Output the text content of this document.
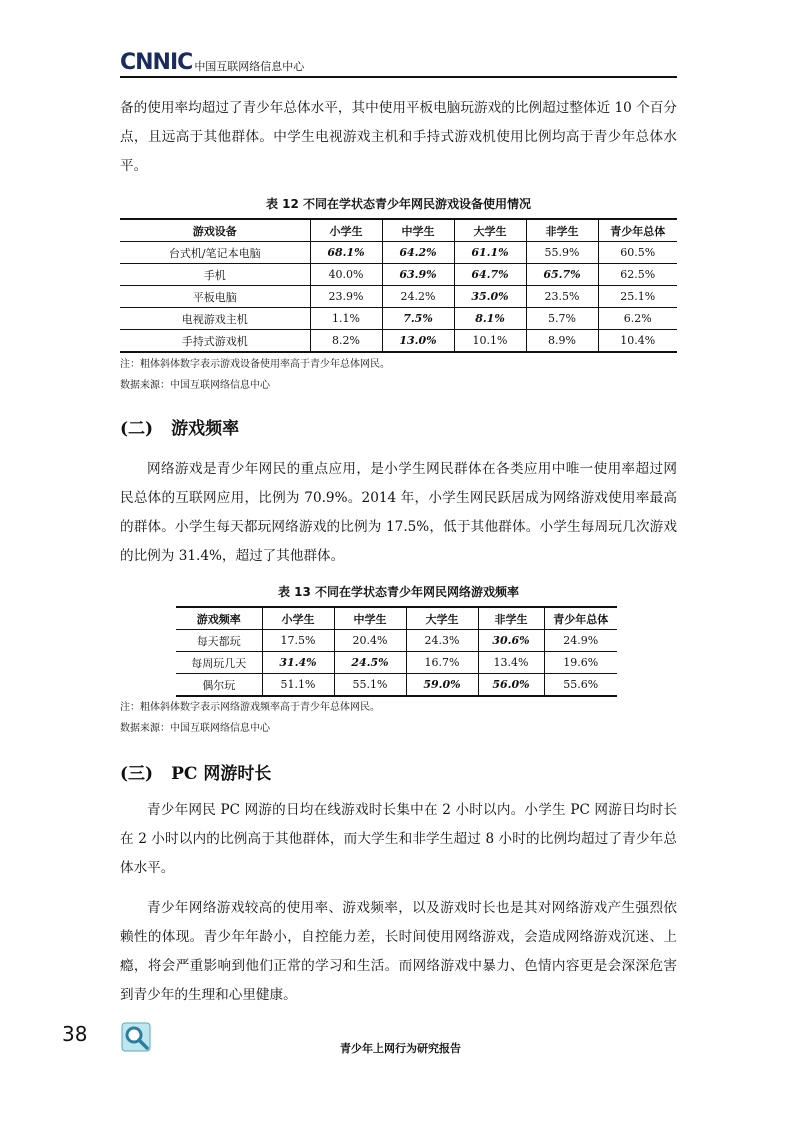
CNNIC 中国互联网络信息中心

备的使用率均超过了青少年总体水平，其中使用平板电脑玩游戏的比例超过整体近 10 个百分点，且远高于其他群体。中学生电视游戏主机和手持式游戏机使用比例均高于青少年总体水平。

表 12 不同在学状态青少年网民游戏设备使用情况
游戏设备	小学生	中学生	大学生	非学生	青少年总体
台式机/笔记本电脑	68.1%	64.2%	61.1%	55.9%	60.5%
手机	40.0%	63.9%	64.7%	65.7%	62.5%
平板电脑	23.9%	24.2%	35.0%	23.5%	25.1%
电视游戏主机	1.1%	7.5%	8.1%	5.7%	6.2%
手持式游戏机	8.2%	13.0%	10.1%	8.9%	10.4%

注：粗体斜体数字表示游戏设备使用率高于青少年总体网民。

数据来源：中国互联网络信息中心

(二) 游戏频率

网络游戏是青少年网民的重点应用，是小学生网民群体在各类应用中唯一使用率超过网民总体的互联网应用，比例为 70.9%。2014 年，小学生网民跃居成为网络游戏使用率最高的群体。小学生每天都玩网络游戏的比例为 17.5%，低于其他群体。小学生每周玩几次游戏的比例为 31.4%，超过了其他群体。

表 13 不同在学状态青少年网民网络游戏频率
游戏频率	小学生	中学生	大学生	非学生	青少年总体
每天都玩	17.5%	20.4%	24.3%	30.6%	24.9%
每周玩几天	31.4%	24.5%	16.7%	13.4%	19.6%
偶尔玩	51.1%	55.1%	59.0%	56.0%	55.6%

注：粗体斜体数字表示网络游戏频率高于青少年总体网民。

数据来源：中国互联网络信息中心

(三) PC 网游时长

青少年网民 PC 网游的日均在线游戏时长集中在 2 小时以内。小学生 PC 网游日均时长在 2 小时以内的比例高于其他群体，而大学生和非学生超过 8 小时的比例均超过了青少年总体水平。

青少年网络游戏较高的使用率、游戏频率，以及游戏时长也是其对网络游戏产生强烈依赖性的体现。青少年年龄小，自控能力差，长时间使用网络游戏，会造成网络游戏沉迷、上瘾，将会严重影响到他们正常的学习和生活。而网络游戏中暴力、色情内容更是会深深危害到青少年的生理和心里健康。

38
青少年上网行为研究报告
